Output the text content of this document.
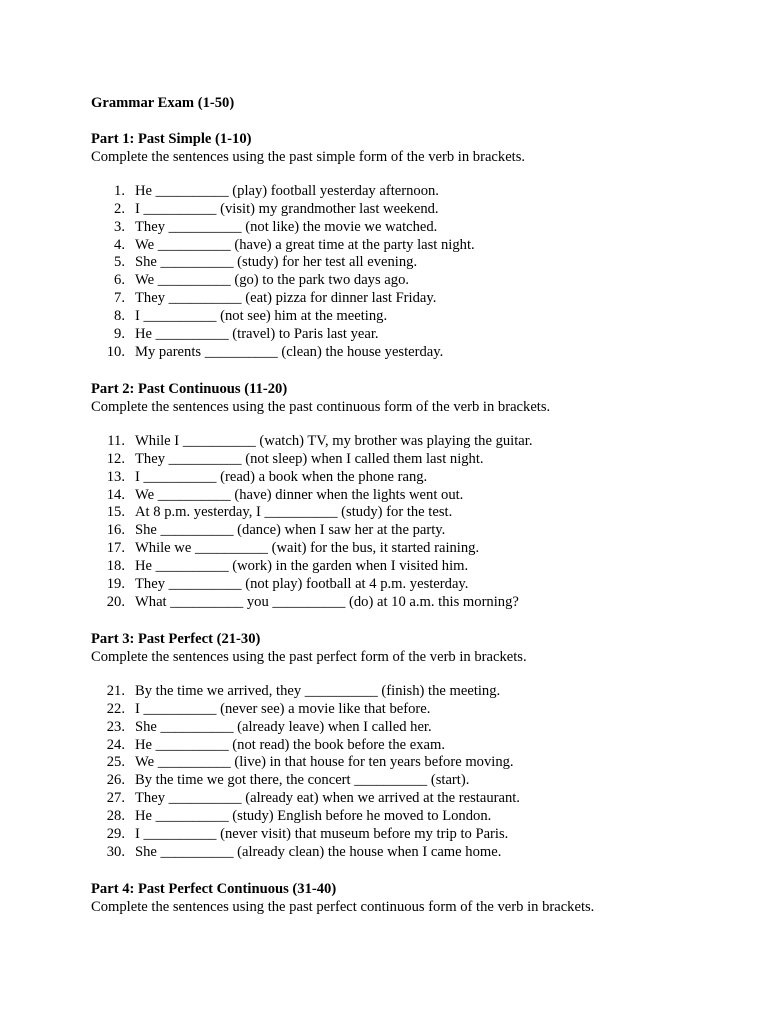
Grammar Exam (1-50)

Part 1: Past Simple (1-10)

Complete the sentences using the past simple form of the verb in brackets.

1. He __________ (play) football yesterday afternoon.
2. I __________ (visit) my grandmother last weekend.
3. They __________ (not like) the movie we watched.
4. We __________ (have) a great time at the party last night.
5. She __________ (study) for her test all evening.
6. We __________ (go) to the park two days ago.
7. They __________ (eat) pizza for dinner last Friday.
8. I __________ (not see) him at the meeting.
9. He __________ (travel) to Paris last year.
10. My parents __________ (clean) the house yesterday.

Part 2: Past Continuous (11-20)

Complete the sentences using the past continuous form of the verb in brackets.

11. While I __________ (watch) TV, my brother was playing the guitar.
12. They __________ (not sleep) when I called them last night.
13. I __________ (read) a book when the phone rang.
14. We __________ (have) dinner when the lights went out.
15. At 8 p.m. yesterday, I __________ (study) for the test.
16. She __________ (dance) when I saw her at the party.
17. While we __________ (wait) for the bus, it started raining.
18. He __________ (work) in the garden when I visited him.
19. They __________ (not play) football at 4 p.m. yesterday.
20. What __________ you __________ (do) at 10 a.m. this morning?

Part 3: Past Perfect (21-30)

Complete the sentences using the past perfect form of the verb in brackets.

21. By the time we arrived, they __________ (finish) the meeting.
22. I __________ (never see) a movie like that before.
23. She __________ (already leave) when I called her.
24. He __________ (not read) the book before the exam.
25. We __________ (live) in that house for ten years before moving.
26. By the time we got there, the concert __________ (start).
27. They __________ (already eat) when we arrived at the restaurant.
28. He __________ (study) English before he moved to London.
29. I __________ (never visit) that museum before my trip to Paris.
30. She __________ (already clean) the house when I came home.

Part 4: Past Perfect Continuous (31-40)

Complete the sentences using the past perfect continuous form of the verb in brackets.
